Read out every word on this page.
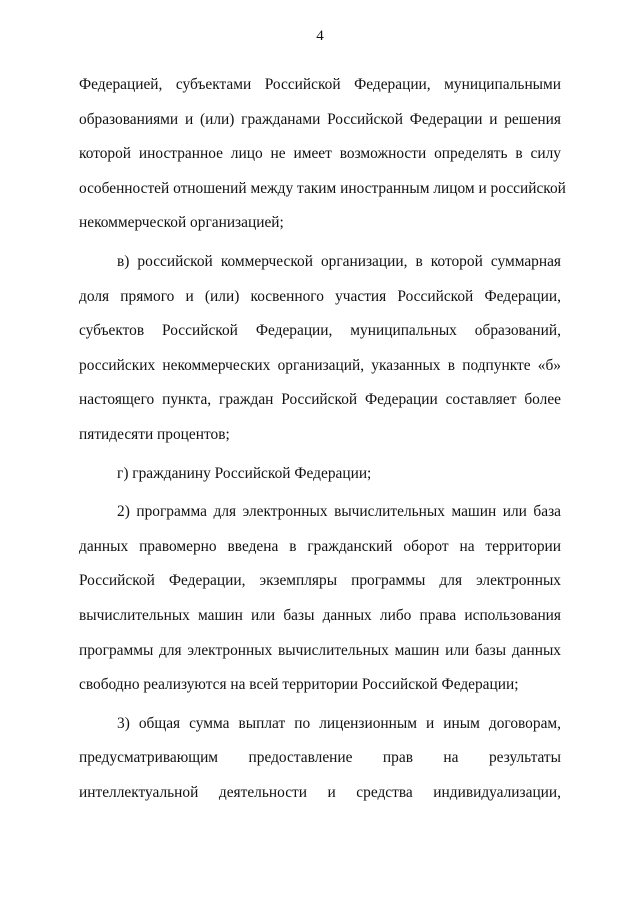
4
Федерацией, субъектами Российской Федерации, муниципальными
образованиями и (или) гражданами Российской Федерации и решения
которой иностранное лицо не имеет возможности определять в силу
особенностей отношений между таким иностранным лицом и российской
некоммерческой организацией;
в) российской коммерческой организации, в которой суммарная
доля прямого и (или) косвенного участия Российской Федерации,
субъектов Российской Федерации, муниципальных образований,
российских некоммерческих организаций, указанных в подпункте «б»
настоящего пункта, граждан Российской Федерации составляет более
пятидесяти процентов;
г) гражданину Российской Федерации;
2) программа для электронных вычислительных машин или база
данных правомерно введена в гражданский оборот на территории
Российской Федерации, экземпляры программы для электронных
вычислительных машин или базы данных либо права использования
программы для электронных вычислительных машин или базы данных
свободно реализуются на всей территории Российской Федерации;
3) общая сумма выплат по лицензионным и иным договорам,
предусматривающим предоставление прав на результаты
интеллектуальной деятельности и средства индивидуализации,
